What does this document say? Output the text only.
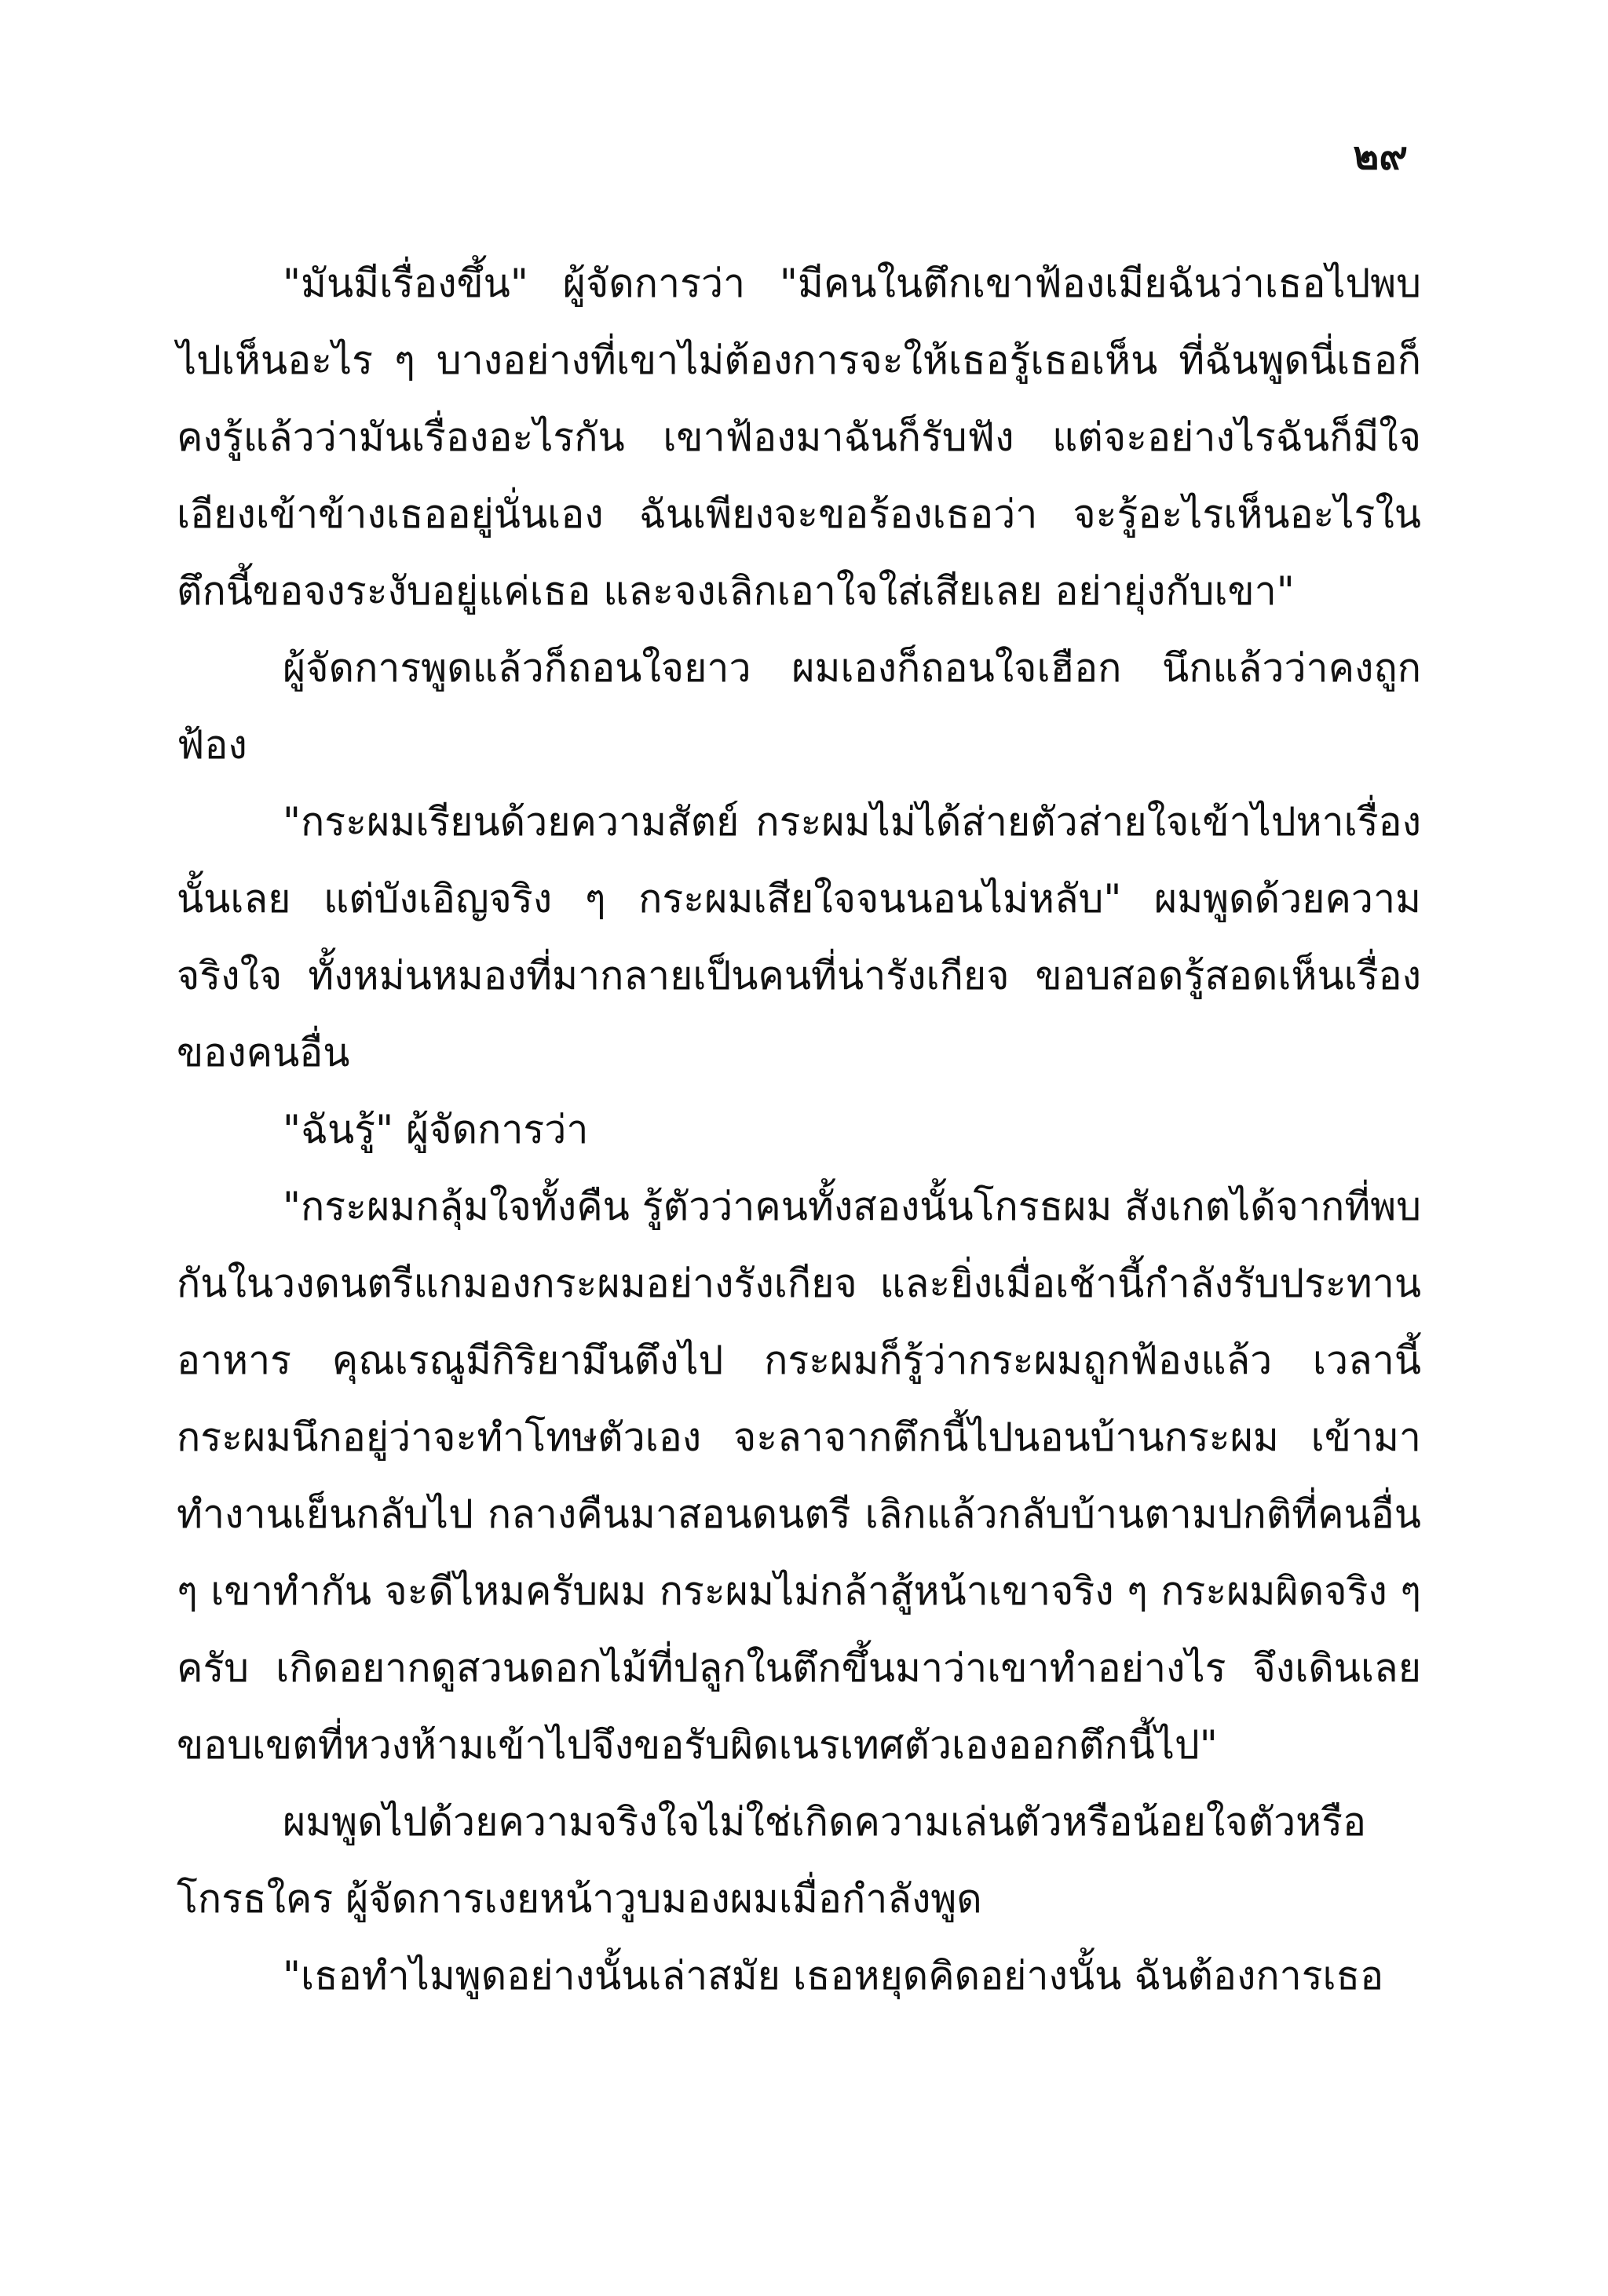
๒๙

"มันมีเรื่องขึ้น" ผู้จัดการว่า "มีคนในตึกเขาฟ้องเมียฉันว่าเธอไปพบไปเห็นอะไร ๆ บางอย่างที่เขาไม่ต้องการจะให้เธอรู้เธอเห็น ที่ฉันพูดนี่เธอก็คงรู้แล้วว่ามันเรื่องอะไรกัน เขาฟ้องมาฉันก็รับฟัง แต่จะอย่างไรฉันก็มีใจเอียงเข้าข้างเธออยู่นั่นเอง ฉันเพียงจะขอร้องเธอว่า จะรู้อะไรเห็นอะไรในตึกนี้ขอจงระงับอยู่แค่เธอ และจงเลิกเอาใจใส่เสียเลย อย่ายุ่งกับเขา"

ผู้จัดการพูดแล้วก็ถอนใจยาว ผมเองก็ถอนใจเฮือก นึกแล้วว่าคงถูกฟ้อง

"กระผมเรียนด้วยความสัตย์ กระผมไม่ได้ส่ายตัวส่ายใจเข้าไปหาเรื่องนั้นเลย แต่บังเอิญจริง ๆ กระผมเสียใจจนนอนไม่หลับ" ผมพูดด้วยความจริงใจ ทั้งหม่นหมองที่มากลายเป็นคนที่น่ารังเกียจ ขอบสอดรู้สอดเห็นเรื่องของคนอื่น

"ฉันรู้" ผู้จัดการว่า

"กระผมกลุ้มใจทั้งคืน รู้ตัวว่าคนทั้งสองนั้นโกรธผม สังเกตได้จากที่พบกันในวงดนตรีแกมองกระผมอย่างรังเกียจ และยิ่งเมื่อเช้านี้กำลังรับประทานอาหาร คุณเรณูมีกิริยามึนตึงไป กระผมก็รู้ว่ากระผมถูกฟ้องแล้ว เวลานี้กระผมนึกอยู่ว่าจะทำโทษตัวเอง จะลาจากตึกนี้ไปนอนบ้านกระผม เข้ามาทำงานเย็นกลับไป กลางคืนมาสอนดนตรี เลิกแล้วกลับบ้านตามปกติที่คนอื่น ๆ เขาทำกัน จะดีไหมครับผม กระผมไม่กล้าสู้หน้าเขาจริง ๆ กระผมผิดจริง ๆ ครับ เกิดอยากดูสวนดอกไม้ที่ปลูกในตึกขึ้นมาว่าเขาทำอย่างไร จึงเดินเลยขอบเขตที่หวงห้ามเข้าไปจึงขอรับผิดเนรเทศตัวเองออกตึกนี้ไป"

ผมพูดไปด้วยความจริงใจไม่ใช่เกิดความเล่นตัวหรือน้อยใจตัวหรือโกรธใคร ผู้จัดการเงยหน้าวูบมองผมเมื่อกำลังพูด

"เธอทำไมพูดอย่างนั้นเล่าสมัย เธอหยุดคิดอย่างนั้น ฉันต้องการเธอ
